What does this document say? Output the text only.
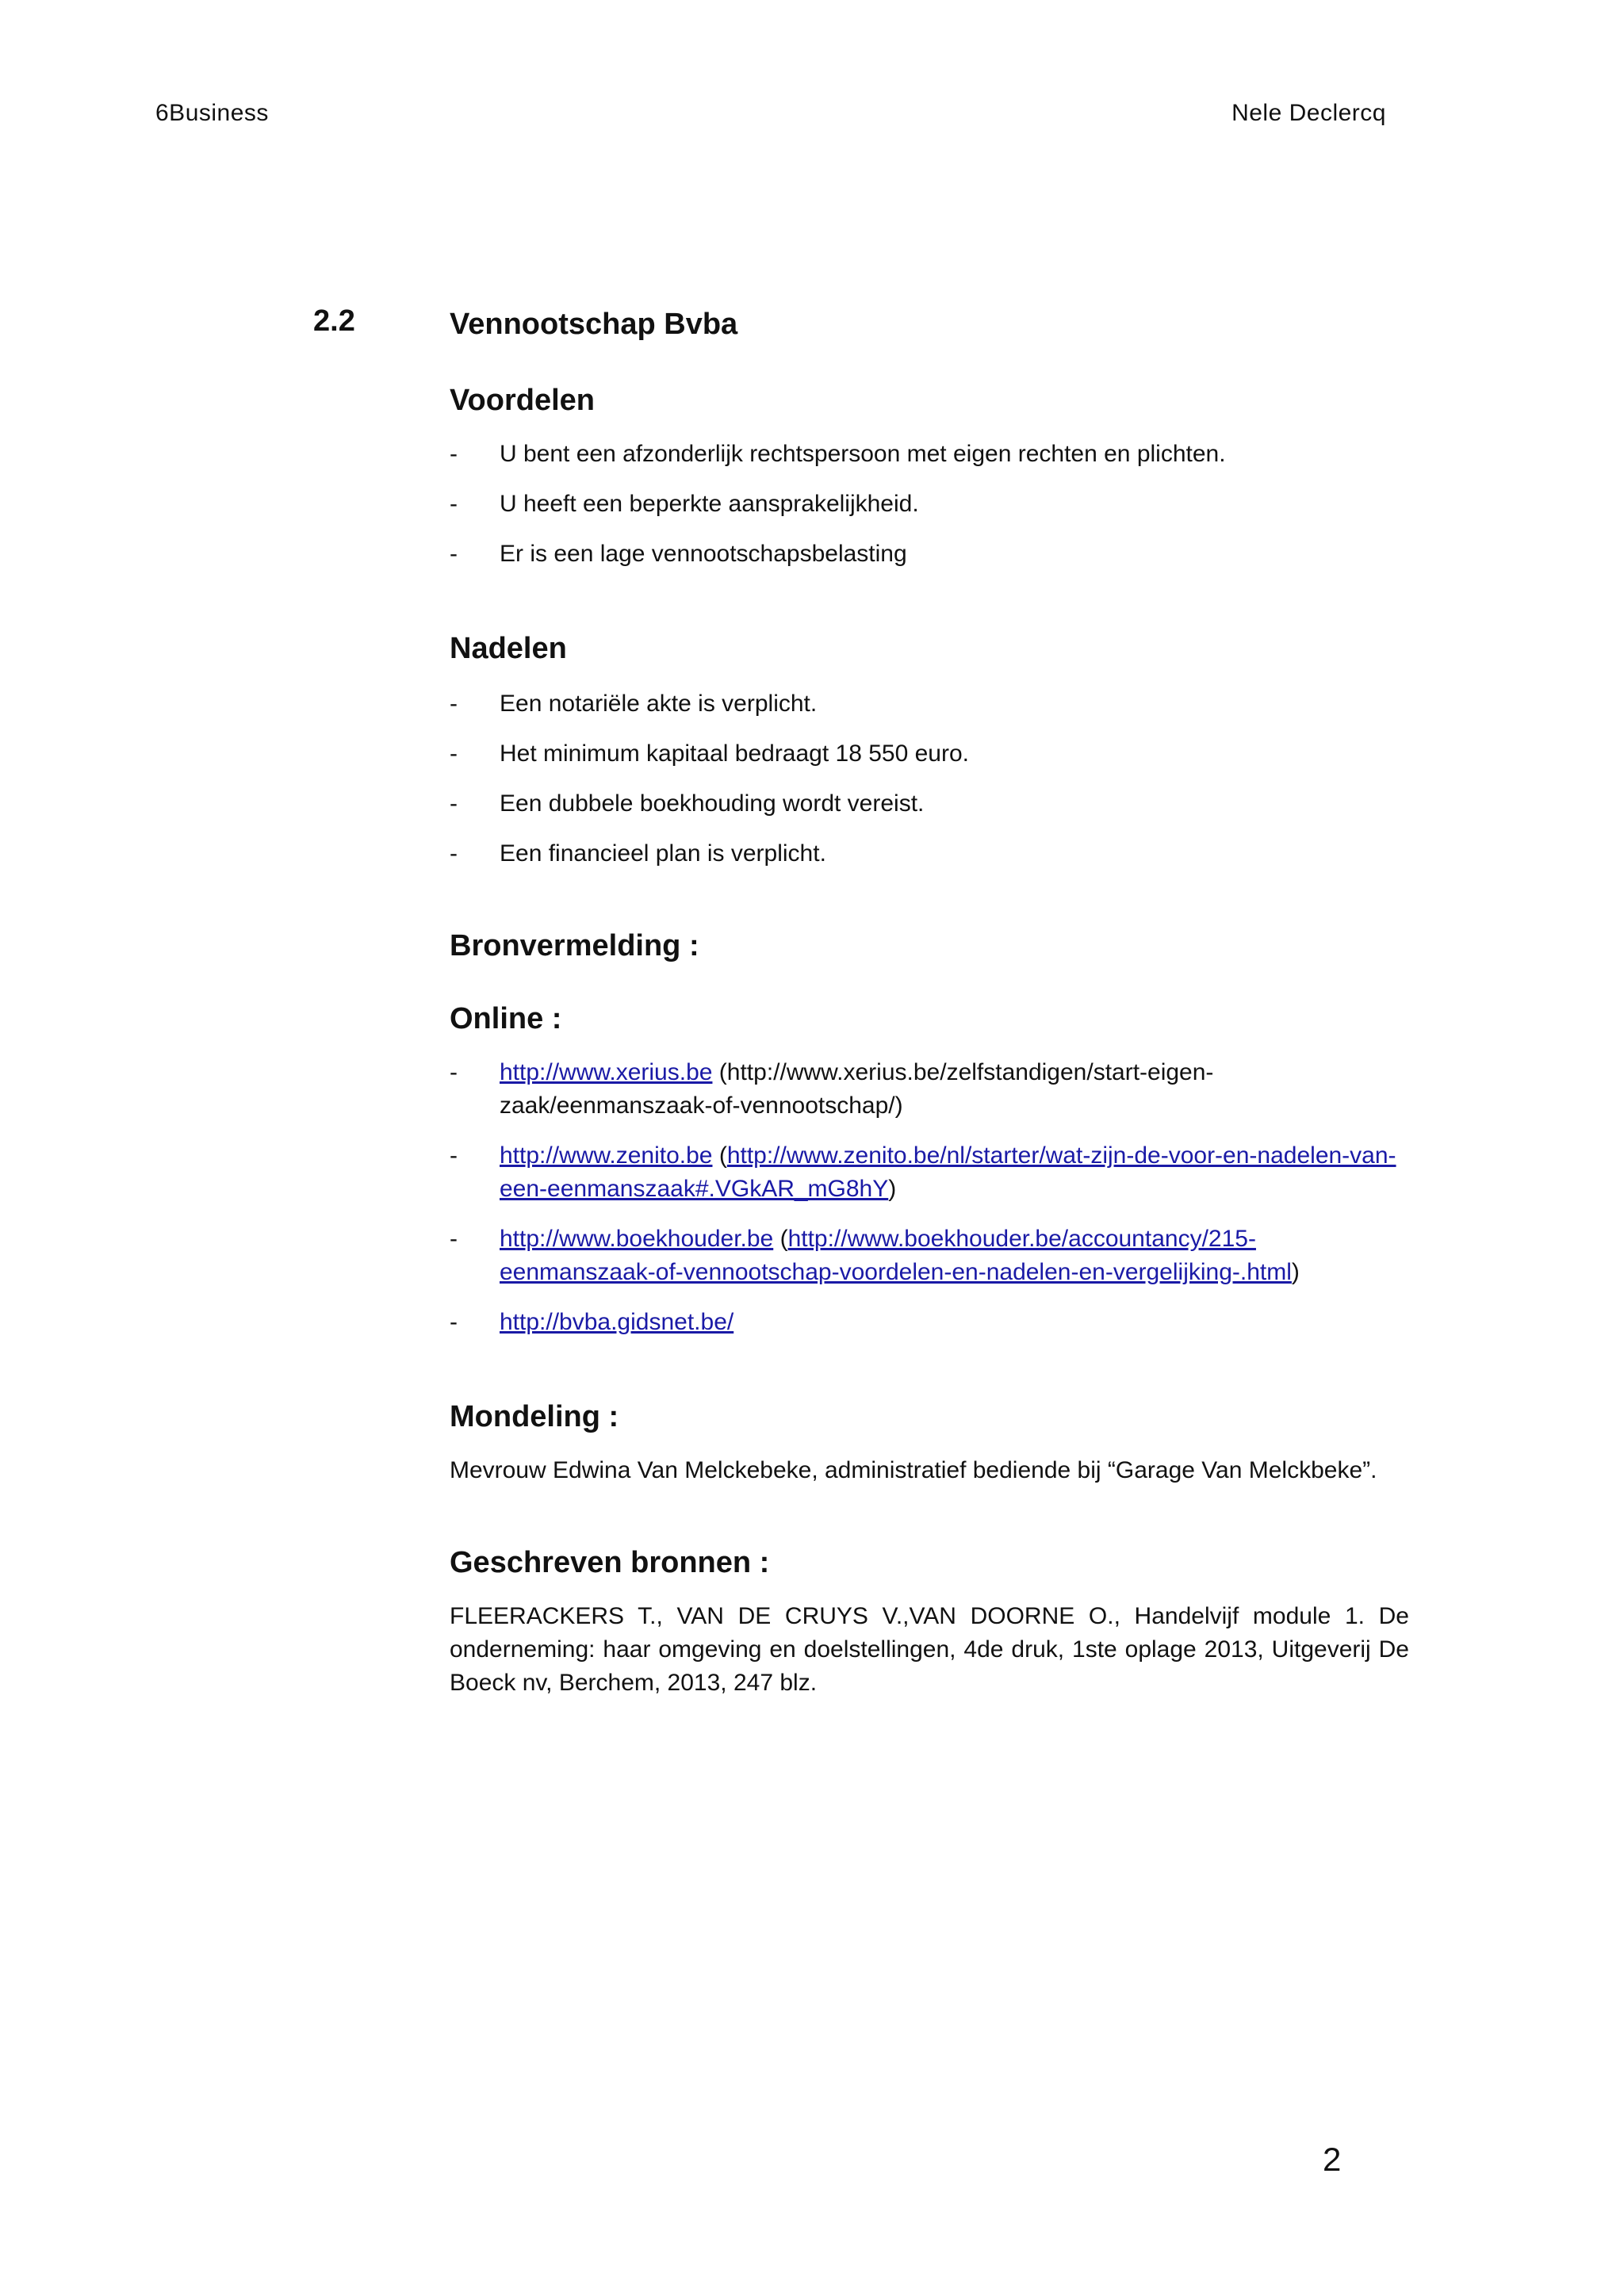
6Business	Nele Declercq
2.2	Vennootschap Bvba
Voordelen
- U bent een afzonderlijk rechtspersoon met eigen rechten en plichten.
- U heeft een beperkte aansprakelijkheid.
- Er is een lage vennootschapsbelasting
Nadelen
- Een notariële akte is verplicht.
- Het minimum kapitaal bedraagt 18 550 euro.
- Een dubbele boekhouding wordt vereist.
- Een financieel plan is verplicht.
Bronvermelding :
Online :
- http://www.xerius.be (http://www.xerius.be/zelfstandigen/start-eigen-zaak/eenmanszaak-of-vennootschap/)
- http://www.zenito.be (http://www.zenito.be/nl/starter/wat-zijn-de-voor-en-nadelen-van-een-eenmanszaak#.VGkAR_mG8hY)
- http://www.boekhouder.be (http://www.boekhouder.be/accountancy/215-eenmanszaak-of-vennootschap-voordelen-en-nadelen-en-vergelijking-.html)
- http://bvba.gidsnet.be/
Mondeling :

Mevrouw Edwina Van Melckebeke, administratief bediende bij “Garage Van Melckbeke”.

Geschreven bronnen :

FLEERACKERS T., VAN DE CRUYS V.,VAN DOORNE O., Handelvijf module 1. De onderneming: haar omgeving en doelstellingen, 4de druk, 1ste oplage 2013, Uitgeverij De Boeck nv, Berchem, 2013, 247 blz.

2
